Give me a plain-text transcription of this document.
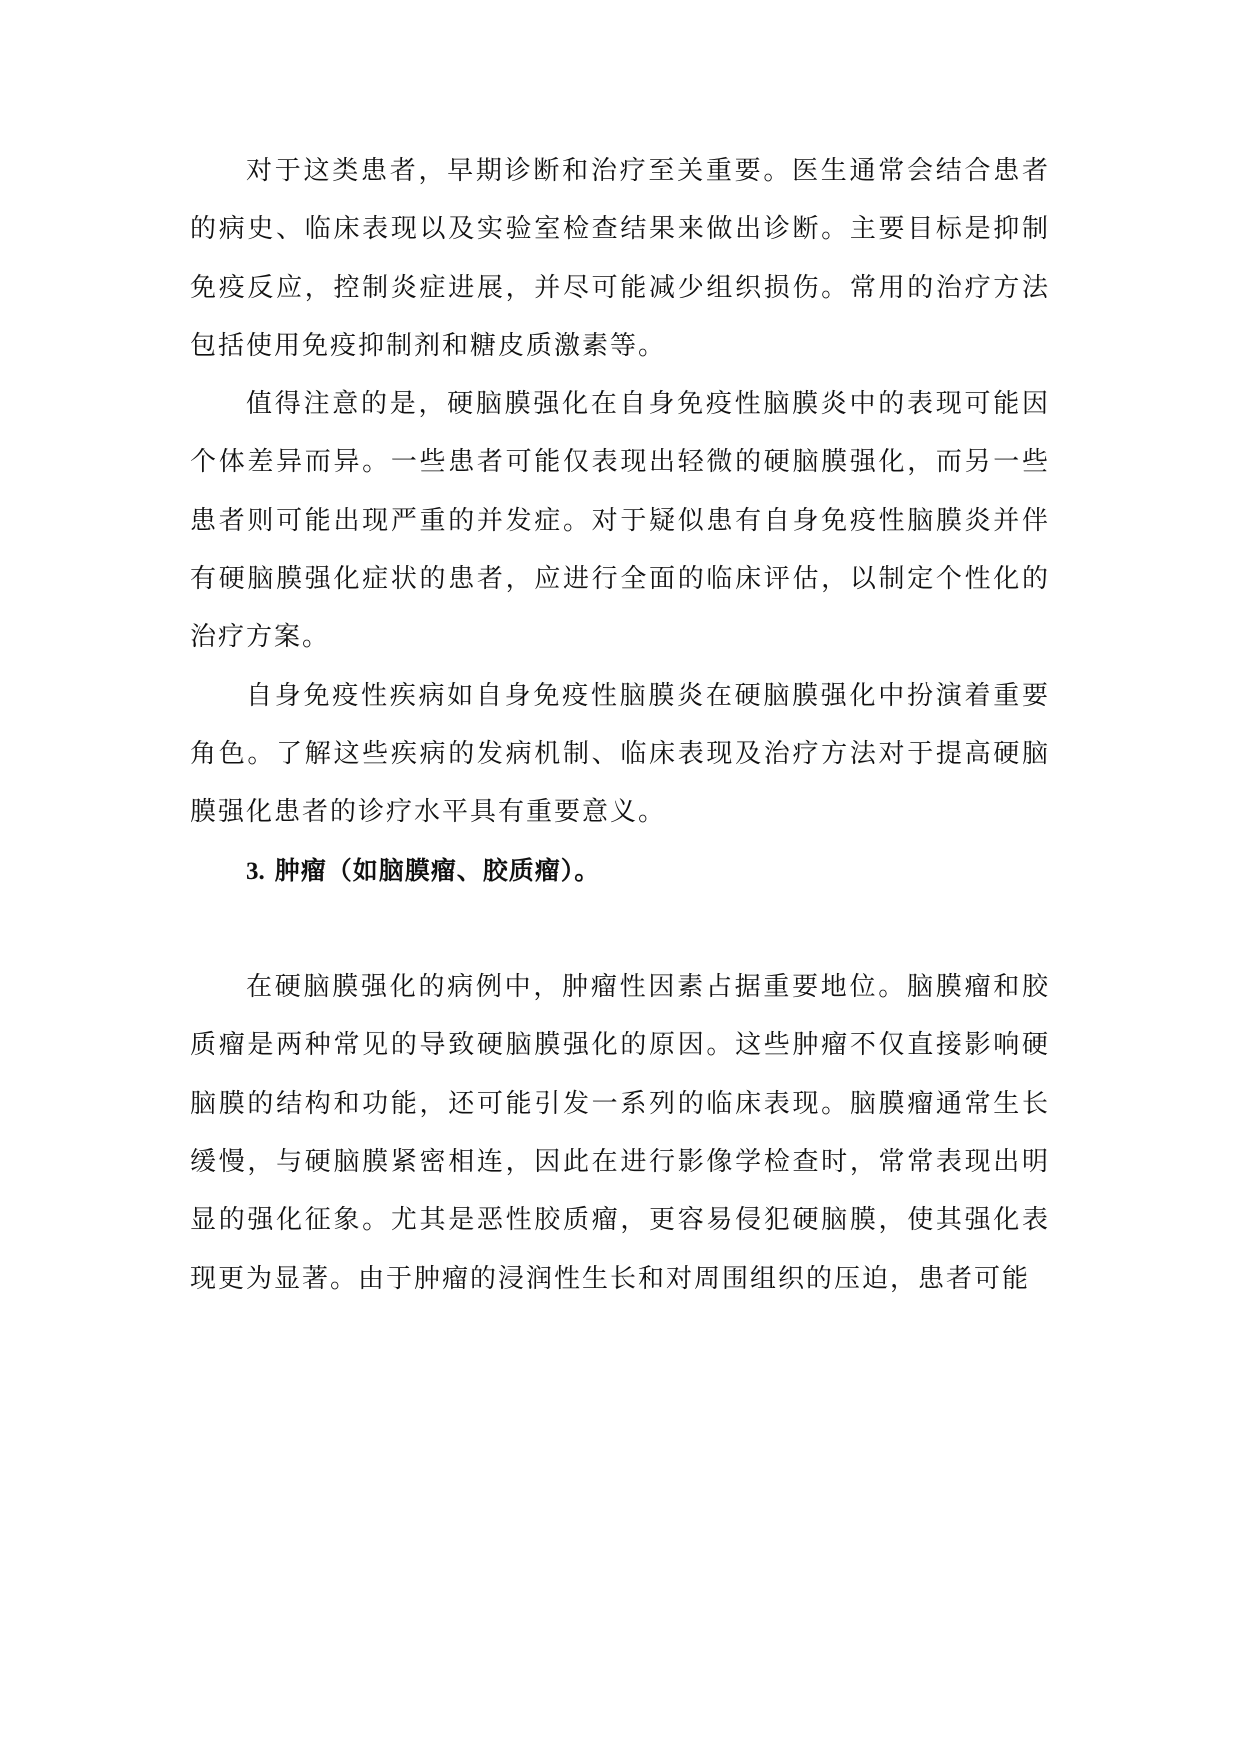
对于这类患者，早期诊断和治疗至关重要。医生通常会结合患者的病史、临床表现以及实验室检查结果来做出诊断。主要目标是抑制免疫反应，控制炎症进展，并尽可能减少组织损伤。常用的治疗方法包括使用免疫抑制剂和糖皮质激素等。

值得注意的是，硬脑膜强化在自身免疫性脑膜炎中的表现可能因个体差异而异。一些患者可能仅表现出轻微的硬脑膜强化，而另一些患者则可能出现严重的并发症。对于疑似患有自身免疫性脑膜炎并伴有硬脑膜强化症状的患者，应进行全面的临床评估，以制定个性化的治疗方案。

自身免疫性疾病如自身免疫性脑膜炎在硬脑膜强化中扮演着重要角色。了解这些疾病的发病机制、临床表现及治疗方法对于提高硬脑膜强化患者的诊疗水平具有重要意义。

3. 肿瘤（如脑膜瘤、胶质瘤）。

在硬脑膜强化的病例中，肿瘤性因素占据重要地位。脑膜瘤和胶质瘤是两种常见的导致硬脑膜强化的原因。这些肿瘤不仅直接影响硬脑膜的结构和功能，还可能引发一系列的临床表现。脑膜瘤通常生长缓慢，与硬脑膜紧密相连，因此在进行影像学检查时，常常表现出明显的强化征象。尤其是恶性胶质瘤，更容易侵犯硬脑膜，使其强化表现更为显著。由于肿瘤的浸润性生长和对周围组织的压迫，患者可能
